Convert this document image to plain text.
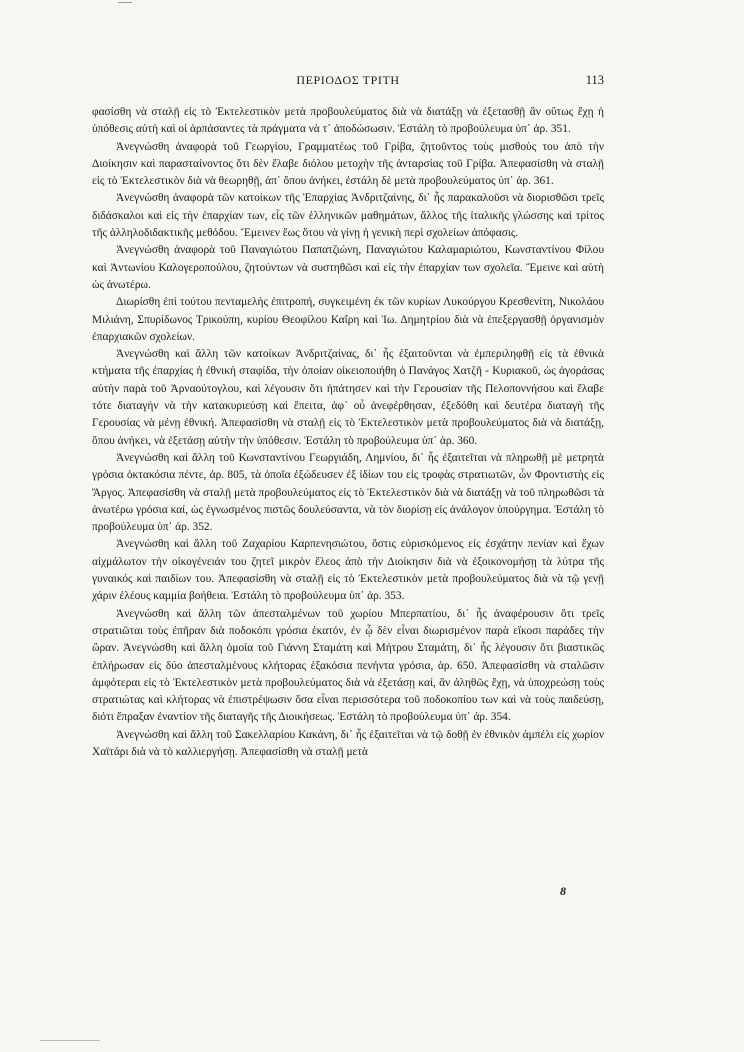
ΠΕΡΙΟΔΟΣ ΤΡΙΤΗ	113

φασίσθη νὰ σταλῇ εἰς τὸ Ἐκτελεστικὸν μετὰ προβουλεύματος διὰ νὰ διατάξῃ νὰ ἐξετασθῇ ἂν οὕτως ἔχῃ ἡ ὑπόθεσις αὐτὴ καὶ οἱ ἁρπάσαντες τὰ πράγματα νὰ τ᾽ ἀποδώσωσιν. Ἐστάλη τὸ προβούλευμα ὑπ᾽ ἀρ. 351.

Ἀνεγνώσθη ἀναφορὰ τοῦ Γεωργίου, Γραμματέως τοῦ Γρίβα, ζητοῦντος τοὺς μισθοὺς του ἀπὸ τὴν Διοίκησιν καὶ παρασταίνοντος ὅτι δὲν ἔλαβε διόλου μετοχὴν τῆς ἀνταρσίας τοῦ Γρίβα. Ἀπεφασίσθη νὰ σταλῇ εἰς τὸ Ἐκτελεστικὸν διὰ νὰ θεωρηθῇ, ἀπ᾽ ὅπου ἀνήκει, ἐστάλη δὲ μετὰ προβουλεύματος ὑπ᾽ ἀρ. 361.

Ἀνεγνώσθη ἀναφορὰ τῶν κατοίκων τῆς Ἐπαρχίας Ἀνδριτζαίνης, δι᾽ ἧς παρακαλοῦσι νὰ διορισθῶσι τρεῖς διδάσκαλοι καὶ εἰς τὴν ἐπαρχίαν των, εἷς τῶν ἑλληνικῶν μαθημάτων, ἄλλος τῆς ἰταλικῆς γλώσσης καὶ τρίτος τῆς ἀλληλοδιδακτικῆς μεθόδου. Ἔμεινεν ἕως ὅτου νὰ γίνῃ ἡ γενικὴ περὶ σχολείων ἀπόφασις.

Ἀνεγνώσθη ἀναφορὰ τοῦ Παναγιώτου Παπατζιώνη, Παναγιώτου Καλαμαριώτου, Κωνσταντίνου Φίλου καὶ Ἀντωνίου Καλογεροπούλου, ζητούντων νὰ συστηθῶσι καὶ εἰς τὴν ἐπαρχίαν των σχολεῖα. Ἔμεινε καὶ αὐτὴ ὡς ἀνωτέρω.

Διωρίσθη ἐπὶ τούτου πενταμελὴς ἐπιτροπή, συγκειμένη ἐκ τῶν κυρίων Λυκούργου Κρεσθενίτη, Νικολάου Μιλιάνη, Σπυρίδωνος Τρικούπη, κυρίου Θεοφίλου Καΐρη καὶ Ἰω. Δημητρίου διὰ νὰ ἐπεξεργασθῇ ὀργανισμὸν ἐπαρχιακῶν σχολείων.

Ἀνεγνώσθη καὶ ἄλλη τῶν κατοίκων Ἀνδριτζαίνας, δι᾽ ἧς ἐξαιτοῦνται νὰ ἐμπεριληφθῇ εἰς τὰ ἐθνικὰ κτήματα τῆς ἐπαρχίας ἡ ἐθνικὴ σταφίδα, τὴν ὁποίαν οἰκειοποιήθη ὁ Πανάγος Χατζῆ - Κυριακοῦ, ὡς ἀγοράσας αὐτὴν παρὰ τοῦ Ἀρναούτογλου, καὶ λέγουσιν ὅτι ἠπάτησεν καὶ τὴν Γερουσίαν τῆς Πελοποννήσου καὶ ἔλαβε τότε διαταγὴν νὰ τὴν κατακυριεύσῃ καὶ ἔπειτα, ἀφ᾽ οὗ ἀνεφέρθησαν, ἐξεδόθη καὶ δευτέρα διαταγὴ τῆς Γερουσίας νὰ μένῃ ἐθνική. Ἀπεφασίσθη νὰ σταλῇ εἰς τὸ Ἐκτελεστικὸν μετὰ προβουλεύματος διὰ νὰ διατάξῃ, ὅπου ἀνήκει, νὰ ἐξετάσῃ αὐτὴν τὴν ὑπόθεσιν. Ἐστάλη τὸ προβούλευμα ὑπ᾽ ἀρ. 360.

Ἀνεγνώσθη καὶ ἄλλη τοῦ Κωνσταντίνου Γεωργιάδη, Λημνίου, δι᾽ ἧς ἐξαιτεῖται νὰ πληρωθῇ μὲ μετρητὰ γρόσια ὀκτακόσια πέντε, ἀρ. 805, τὰ ὁποῖα ἐξώδευσεν ἐξ ἰδίων του εἰς τροφὰς στρατιωτῶν, ὧν Φροντιστὴς εἰς Ἄργος. Ἀπεφασίσθη νὰ σταλῇ μετὰ προβουλεύματος εἰς τὸ Ἐκτελεστικὸν διὰ νὰ διατάξῃ νὰ τοῦ πληρωθῶσι τὰ ἀνωτέρω γρόσια καί, ὡς ἐγνωσμένος πιστῶς δουλεύσαντα, νὰ τὸν διορίσῃ εἰς ἀνάλογον ὑπούργημα. Ἐστάλη τὸ προβούλευμα ὑπ᾽ ἀρ. 352.

Ἀνεγνώσθη καὶ ἄλλη τοῦ Ζαχαρίου Καρπενησιώτου, ὅστις εὑρισκόμενος εἰς ἐσχάτην πενίαν καὶ ἔχων αἰχμάλωτον τὴν οἰκογένειάν του ζητεῖ μικρὸν ἔλεος ἀπὸ τὴν Διοίκησιν διὰ νὰ ἐξοικονομήσῃ τὰ λύτρα τῆς γυναικός καὶ παιδίων του. Ἀπεφασίσθη νὰ σταλῇ εἰς τὸ Ἐκτελεστικὸν μετὰ προβουλεύματος διὰ νὰ τῷ γενῇ χάριν ἐλέους καμμία βοήθεια. Ἐστάλη τὸ προβούλευμα ὑπ᾽ ἀρ. 353.

Ἀνεγνώσθη καὶ ἄλλη τῶν ἀπεσταλμένων τοῦ χωρίου Μπερπατίου, δι᾽ ἧς ἀναφέρουσιν ὅτι τρεῖς στρατιῶται τοὺς ἐπῆραν διὰ ποδοκόπι γρόσια ἑκατόν, ἐν ᾧ δὲν εἶναι διωρισμένον παρὰ εἴκοσι παράδες τὴν ὥραν. Ἀνεγνώσθη καὶ ἄλλη ὁμοία τοῦ Γιάννη Σταμάτη καὶ Μήτρου Σταμάτη, δι᾽ ἧς λέγουσιν ὅτι βιαστικῶς ἐπλήρωσαν εἰς δύο ἀπεσταλμένους κλήτορας ἑξακόσια πενήντα γρόσια, ἀρ. 650. Ἀπεφασίσθη νὰ σταλῶσιν ἀμφότεραι εἰς τὸ Ἐκτελεστικὸν μετὰ προβουλεύματος διὰ νὰ ἐξετάσῃ καί, ἂν ἀληθῶς ἔχῃ, νὰ ὑποχρεώσῃ τοὺς στρατιώτας καὶ κλήτορας νὰ ἐπιστρέψωσιν ὅσα εἶναι περισσότερα τοῦ ποδοκοπίου των καὶ νὰ τοὺς παιδεύσῃ, διότι ἔπραξαν ἐναντίον τῆς διαταγῆς τῆς Διοικήσεως. Ἐστάλη τὸ προβούλευμα ὑπ᾽ ἀρ. 354.

Ἀνεγνώσθη καὶ ἄλλη τοῦ Σακελλαρίου Κακάνη, δι᾽ ἧς ἐξαιτεῖται νὰ τῷ δοθῇ ἐν ἐθνικὸν ἀμπέλι εἰς χωρίον Χαϊτάρι διὰ νὰ τὸ καλλιεργήσῃ. Ἀπεφασίσθη νὰ σταλῇ μετὰ

8
